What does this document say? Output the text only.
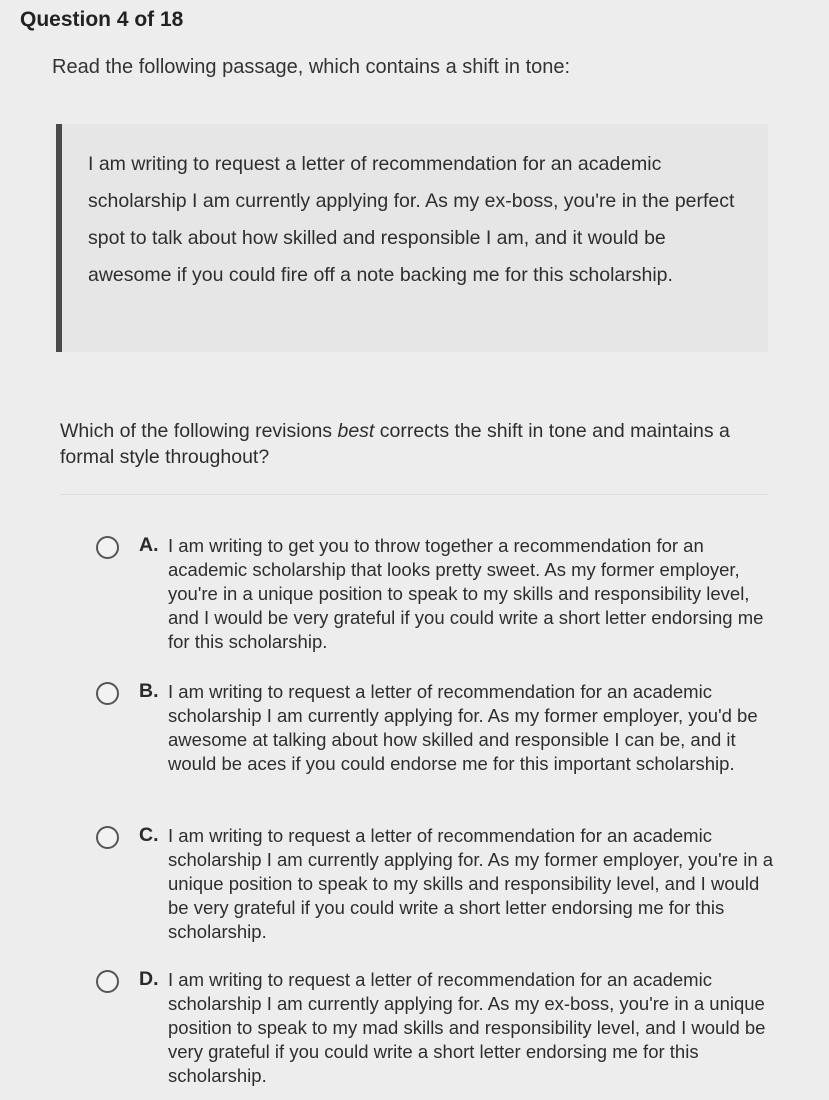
Question 4 of 18
Read the following passage, which contains a shift in tone:

I am writing to request a letter of recommendation for an academic scholarship I am currently applying for. As my ex-boss, you're in the perfect spot to talk about how skilled and responsible I am, and it would be awesome if you could fire off a note backing me for this scholarship.

Which of the following revisions best corrects the shift in tone and maintains a formal style throughout?
A. I am writing to get you to throw together a recommendation for an academic scholarship that looks pretty sweet. As my former employer, you're in a unique position to speak to my skills and responsibility level, and I would be very grateful if you could write a short letter endorsing me for this scholarship.

B. I am writing to request a letter of recommendation for an academic scholarship I am currently applying for. As my former employer, you'd be awesome at talking about how skilled and responsible I can be, and it would be aces if you could endorse me for this important scholarship.

C. I am writing to request a letter of recommendation for an academic scholarship I am currently applying for. As my former employer, you're in a unique position to speak to my skills and responsibility level, and I would be very grateful if you could write a short letter endorsing me for this scholarship.

D. I am writing to request a letter of recommendation for an academic scholarship I am currently applying for. As my ex-boss, you're in a unique position to speak to my mad skills and responsibility level, and I would be very grateful if you could write a short letter endorsing me for this scholarship.
